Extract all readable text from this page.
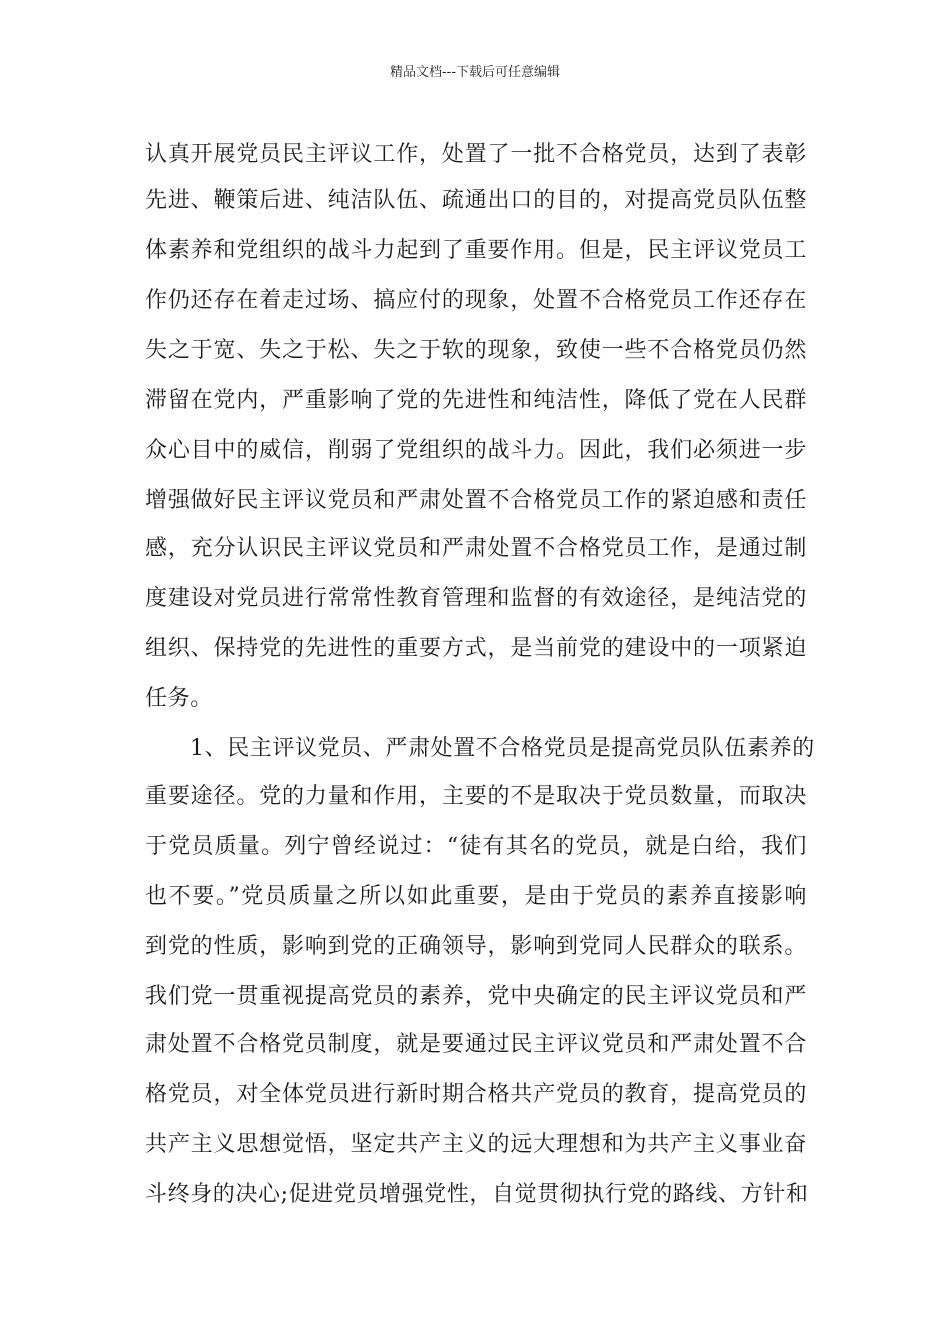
精品文档---下载后可任意编辑
认真开展党员民主评议工作，处置了一批不合格党员，达到了表彰
先进、鞭策后进、纯洁队伍、疏通出口的目的，对提高党员队伍整
体素养和党组织的战斗力起到了重要作用。但是，民主评议党员工
作仍还存在着走过场、搞应付的现象，处置不合格党员工作还存在
失之于宽、失之于松、失之于软的现象，致使一些不合格党员仍然
滞留在党内，严重影响了党的先进性和纯洁性，降低了党在人民群
众心目中的威信，削弱了党组织的战斗力。因此，我们必须进一步
增强做好民主评议党员和严肃处置不合格党员工作的紧迫感和责任
感，充分认识民主评议党员和严肃处置不合格党员工作，是通过制
度建设对党员进行常常性教育管理和监督的有效途径，是纯洁党的
组织、保持党的先进性的重要方式，是当前党的建设中的一项紧迫
任务。
1、民主评议党员、严肃处置不合格党员是提高党员队伍素养的
重要途径。党的力量和作用，主要的不是取决于党员数量，而取决
于党员质量。列宁曾经说过：“徒有其名的党员，就是白给，我们
也不要。”党员质量之所以如此重要，是由于党员的素养直接影响
到党的性质，影响到党的正确领导，影响到党同人民群众的联系。
我们党一贯重视提高党员的素养，党中央确定的民主评议党员和严
肃处置不合格党员制度，就是要通过民主评议党员和严肃处置不合
格党员，对全体党员进行新时期合格共产党员的教育，提高党员的
共产主义思想觉悟，坚定共产主义的远大理想和为共产主义事业奋
斗终身的决心;促进党员增强党性，自觉贯彻执行党的路线、方针和
